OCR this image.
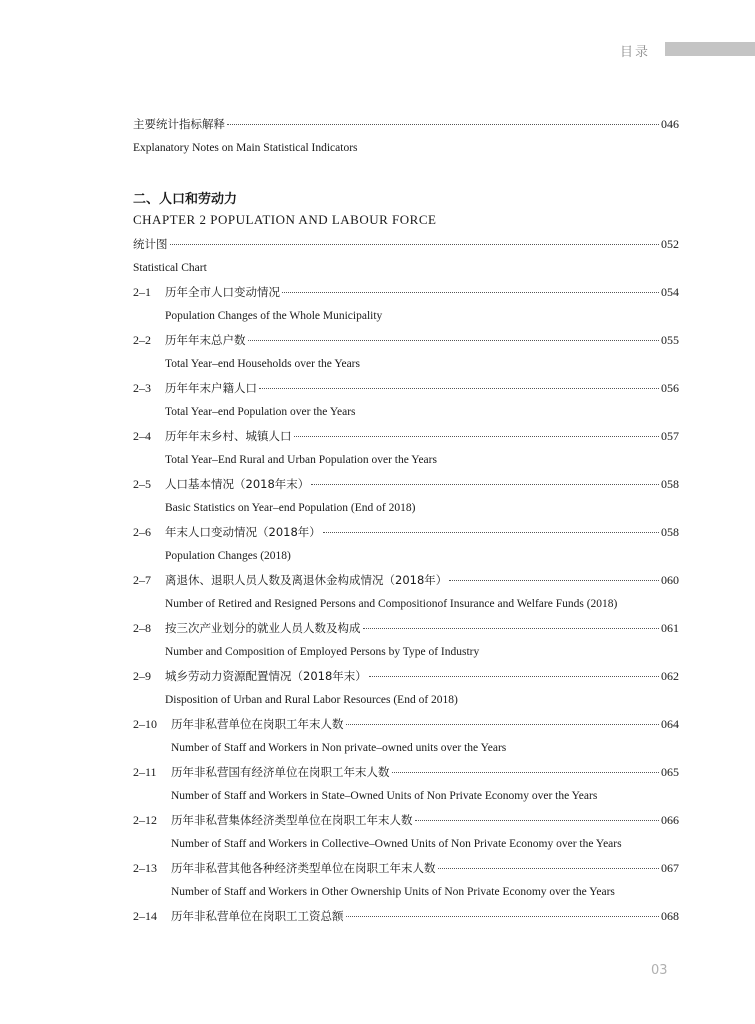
目录
主要统计指标解释	046
Explanatory Notes on Main Statistical Indicators
二、人口和劳动力
CHAPTER 2 POPULATION AND LABOUR FORCE
统计图	052
Statistical Chart
2–1	历年全市人口变动情况	054
Population Changes of the Whole Municipality
2–2	历年年末总户数	055
Total Year–end Households over the Years
2–3	历年年末户籍人口	056
Total Year–end Population over the Years
2–4	历年年末乡村、城镇人口	057
Total Year–End Rural and Urban Population over the Years
2–5	人口基本情况（2018年末）	058
Basic Statistics on Year–end Population (End of 2018)
2–6	年末人口变动情况（2018年）	058
Population Changes (2018)
2–7	离退休、退职人员人数及离退休金构成情况（2018年）	060
Number of Retired and Resigned Persons and Compositionof Insurance and Welfare Funds (2018)
2–8	按三次产业划分的就业人员人数及构成	061
Number and Composition of Employed Persons by Type of Industry
2–9	城乡劳动力资源配置情况（2018年末）	062
Disposition of Urban and Rural Labor Resources (End of 2018)
2–10	历年非私营单位在岗职工年末人数	064
Number of Staff and Workers in Non private–owned units over the Years
2–11	历年非私营国有经济单位在岗职工年末人数	065
Number of Staff and Workers in State–Owned Units of Non Private Economy over the Years
2–12	历年非私营集体经济类型单位在岗职工年末人数	066
Number of Staff and Workers in Collective–Owned Units of Non Private Economy over the Years
2–13	历年非私营其他各种经济类型单位在岗职工年末人数	067
Number of Staff and Workers in Other Ownership Units of Non Private Economy over the Years
2–14	历年非私营单位在岗职工工资总额	068
03
